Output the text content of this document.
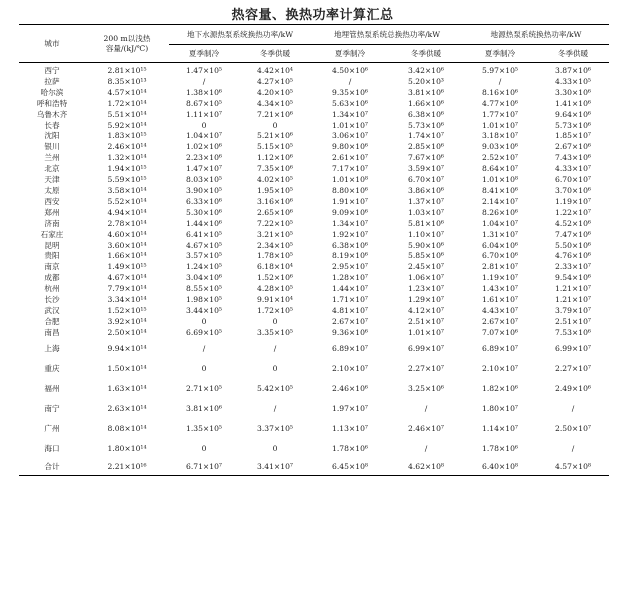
热容量、换热功率计算汇总
城市	200 m以浅热
容量/(kJ/℃)	地下水源热泵系统换热功率/kW		地埋管热泵系统总换热功率/kW		地源热泵系统换热功率/kW	
		夏季制冷	冬季供暖	夏季制冷	冬季供暖	夏季制冷	冬季供暖
西宁	2.81×10¹⁵	1.47×10⁵	4.42×10⁴	4.50×10⁶	3.42×10⁶	5.97×10⁵	3.87×10⁶
拉萨	8.35×10¹³	/	4.27×10⁵	/	5.20×10³	/	4.33×10⁵
哈尔滨	4.57×10¹⁴	1.38×10⁶	4.20×10⁵	9.35×10⁶	3.81×10⁶	8.16×10⁶	3.30×10⁶
呼和浩特	1.72×10¹⁴	8.67×10⁵	4.34×10⁵	5.63×10⁶	1.66×10⁶	4.77×10⁶	1.41×10⁶
乌鲁木齐	5.51×10¹⁴	1.11×10⁷	7.21×10⁶	1.34×10⁷	6.38×10⁶	1.77×10⁷	9.64×10⁶
长春	5.92×10¹⁴	0	0	1.01×10⁷	5.73×10⁶	1.01×10⁷	5.73×10⁶
沈阳	1.83×10¹⁵	1.04×10⁷	5.21×10⁶	3.06×10⁷	1.74×10⁷	3.18×10⁷	1.85×10⁷
银川	2.46×10¹⁴	1.02×10⁶	5.15×10⁵	9.80×10⁶	2.85×10⁶	9.03×10⁶	2.67×10⁶
兰州	1.32×10¹⁴	2.23×10⁶	1.12×10⁶	2.61×10⁷	7.67×10⁶	2.52×10⁷	7.43×10⁶
北京	1.94×10¹⁵	1.47×10⁷	7.35×10⁶	7.17×10⁷	3.59×10⁷	8.64×10⁷	4.33×10⁷
天津	5.59×10¹⁵	8.03×10⁵	4.02×10⁵	1.01×10⁸	6.70×10⁷	1.01×10⁸	6.70×10⁷
太原	3.58×10¹⁴	3.90×10⁵	1.95×10⁵	8.80×10⁶	3.86×10⁶	8.41×10⁶	3.70×10⁶
西安	5.52×10¹⁴	6.33×10⁶	3.16×10⁶	1.91×10⁷	1.37×10⁷	2.14×10⁷	1.19×10⁷
郑州	4.94×10¹⁴	5.30×10⁶	2.65×10⁶	9.09×10⁶	1.03×10⁷	8.26×10⁶	1.22×10⁷
济南	2.78×10¹⁴	1.44×10⁶	7.22×10⁵	1.34×10⁷	5.81×10⁶	1.04×10⁷	4.52×10⁶
石家庄	4.60×10¹⁴	6.41×10⁵	3.21×10⁵	1.92×10⁷	1.10×10⁷	1.31×10⁷	7.47×10⁶
昆明	3.60×10¹⁴	4.67×10⁵	2.34×10⁵	6.38×10⁶	5.90×10⁶	6.04×10⁶	5.50×10⁶
贵阳	1.66×10¹⁴	3.57×10⁵	1.78×10⁵	8.19×10⁶	5.85×10⁶	6.70×10⁶	4.76×10⁶
南京	1.49×10¹⁵	1.24×10⁵	6.18×10⁴	2.95×10⁷	2.45×10⁷	2.81×10⁷	2.33×10⁷
成都	4.67×10¹⁴	3.04×10⁶	1.52×10⁶	1.28×10⁷	1.06×10⁷	1.19×10⁷	9.54×10⁶
杭州	7.79×10¹⁴	8.55×10⁵	4.28×10⁵	1.44×10⁷	1.23×10⁷	1.43×10⁷	1.21×10⁷
长沙	3.34×10¹⁴	1.98×10⁵	9.91×10⁴	1.71×10⁷	1.29×10⁷	1.61×10⁷	1.21×10⁷
武汉	1.52×10¹⁵	3.44×10⁵	1.72×10⁵	4.81×10⁷	4.12×10⁷	4.43×10⁷	3.79×10⁷
合肥	3.92×10¹⁴	0	0	2.67×10⁷	2.51×10⁷	2.67×10⁷	2.51×10⁷
南昌	2.50×10¹⁴	6.69×10⁵	3.35×10⁵	9.36×10⁶	1.01×10⁷	7.07×10⁶	7.53×10⁶
上海	9.94×10¹⁴	/	/	6.89×10⁷	6.99×10⁷	6.89×10⁷	6.99×10⁷
重庆	1.50×10¹⁴	0	0	2.10×10⁷	2.27×10⁷	2.10×10⁷	2.27×10⁷
福州	1.63×10¹⁴	2.71×10⁵	5.42×10⁵	2.46×10⁶	3.25×10⁶	1.82×10⁶	2.49×10⁶
南宁	2.63×10¹⁴	3.81×10⁶	/	1.97×10⁷	/	1.80×10⁷	/
广州	8.08×10¹⁴	1.35×10⁵	3.37×10⁵	1.13×10⁷	2.46×10⁷	1.14×10⁷	2.50×10⁷
海口	1.80×10¹⁴	0	0	1.78×10⁶	/	1.78×10⁶	/
合计	2.21×10¹⁶	6.71×10⁷	3.41×10⁷	6.45×10⁸	4.62×10⁸	6.40×10⁸	4.57×10⁸
